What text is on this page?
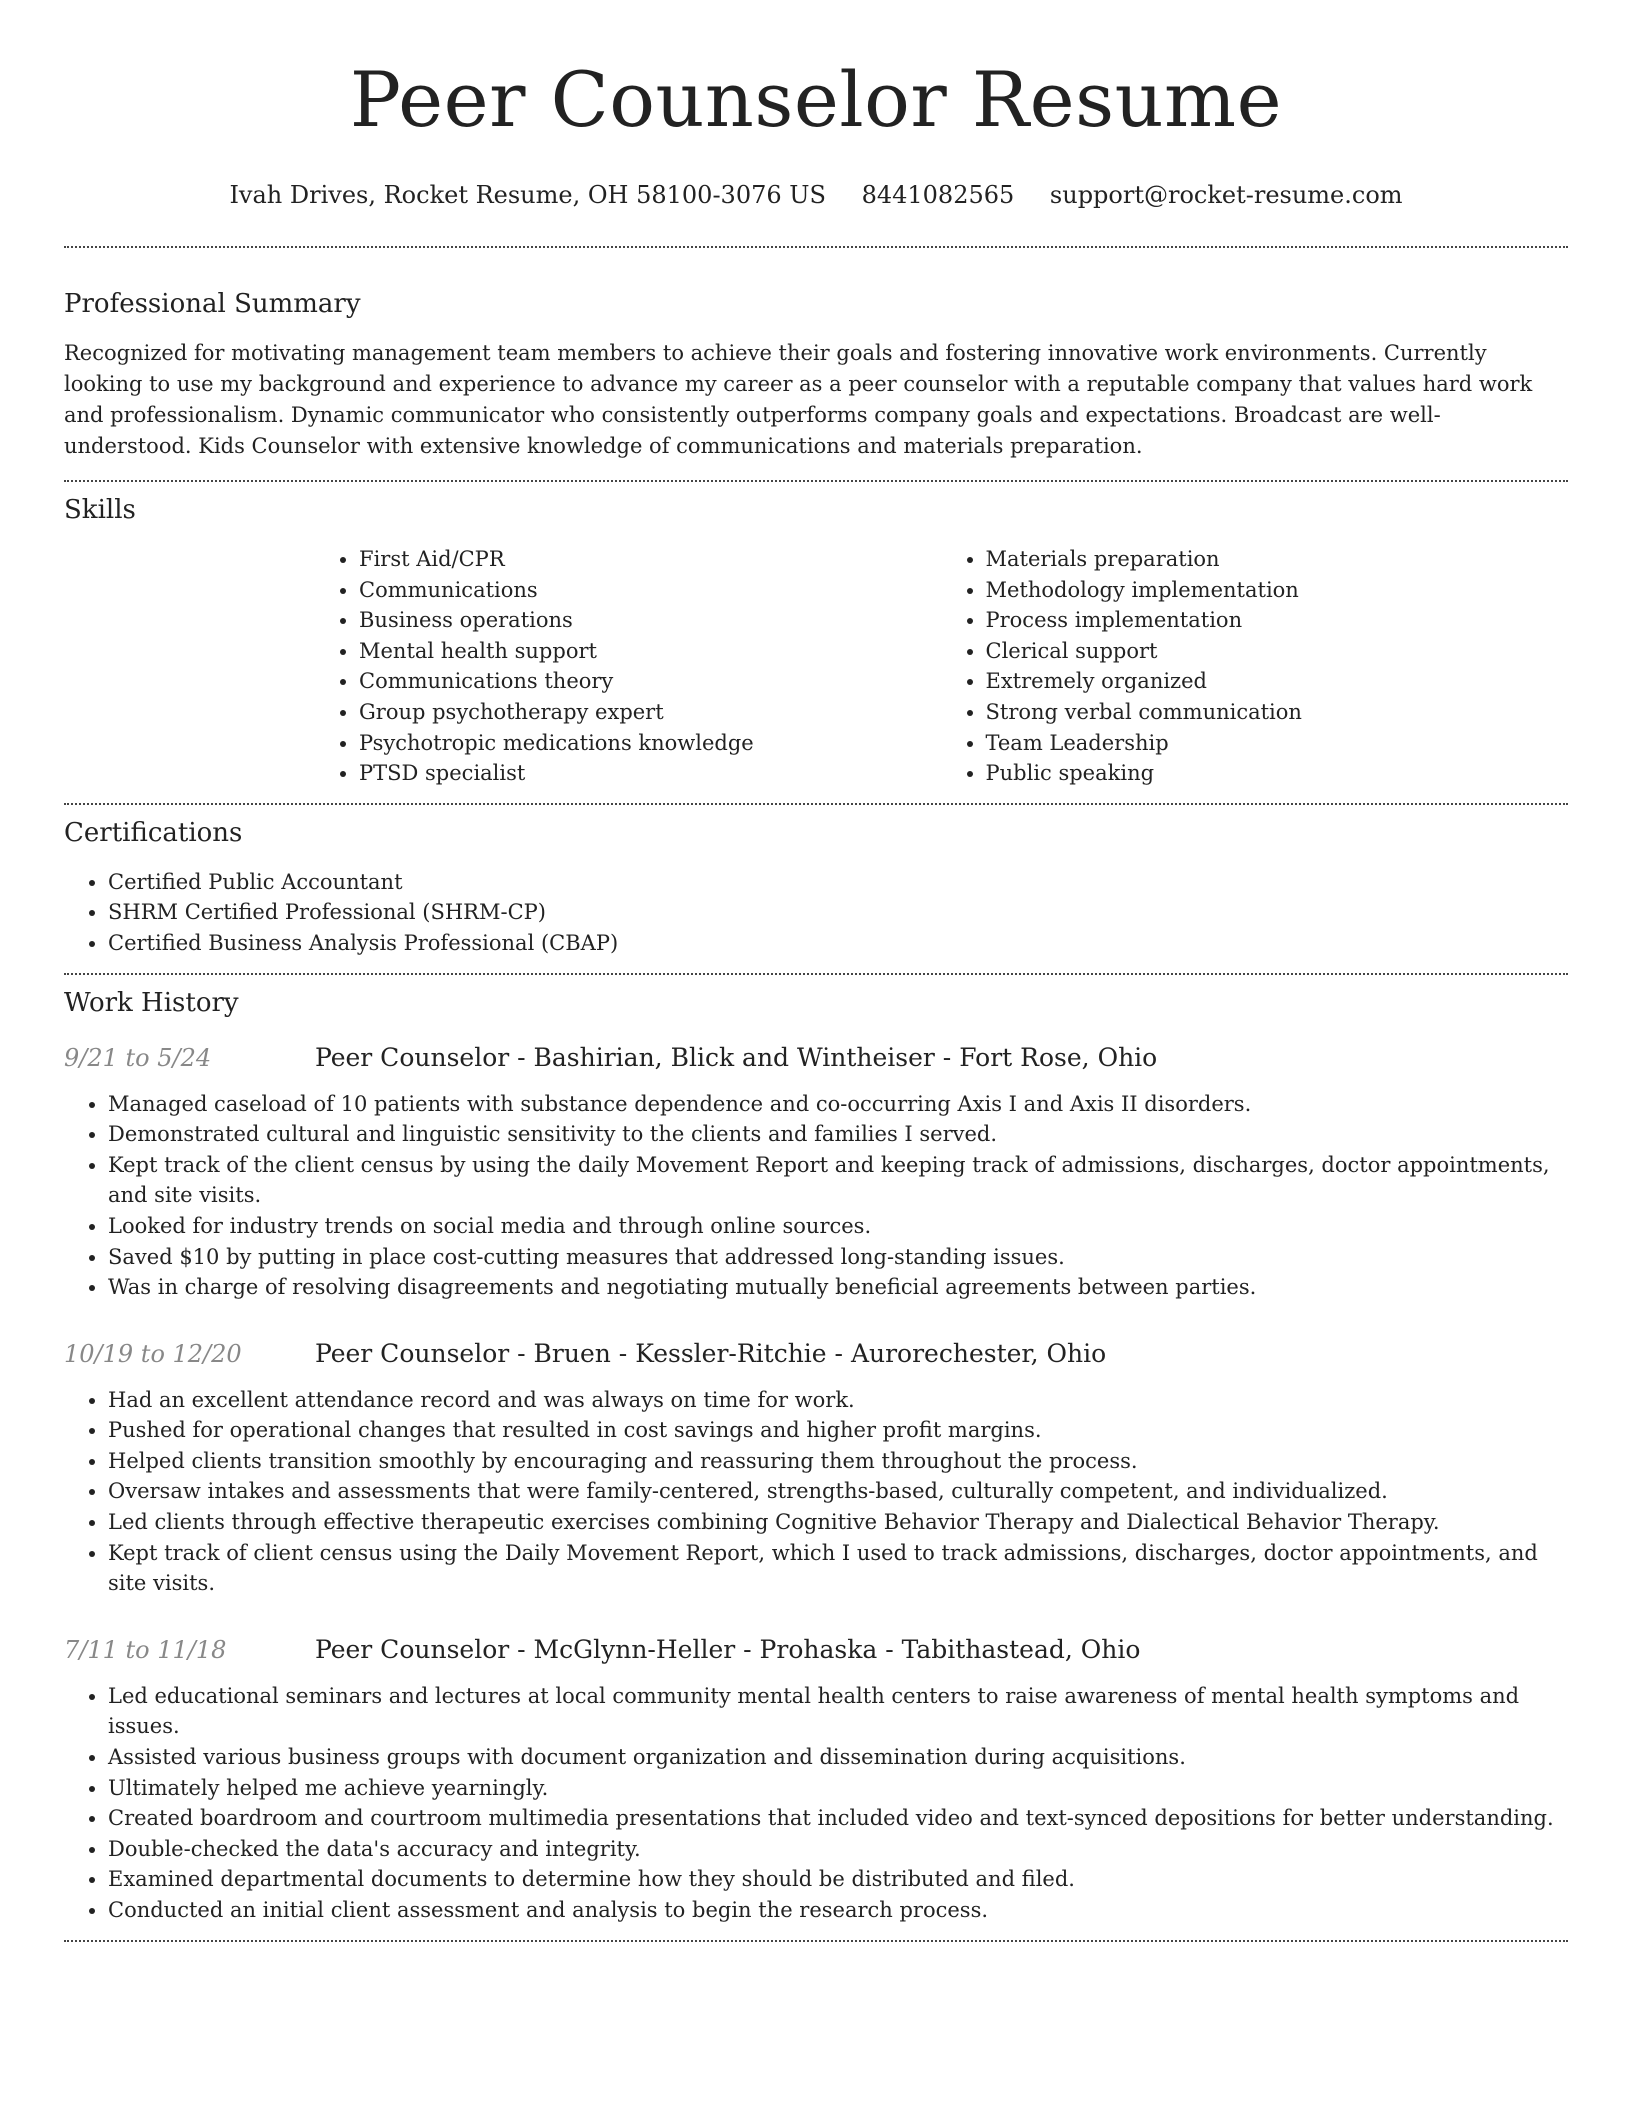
Peer Counselor Resume
Ivah Drives, Rocket Resume, OH 58100-3076 US 8441082565 support@rocket-resume.com
Professional Summary

Recognized for motivating management team members to achieve their goals and fostering innovative work environments. Currently looking to use my background and experience to advance my career as a peer counselor with a reputable company that values hard work and professionalism. Dynamic communicator who consistently outperforms company goals and expectations. Broadcast are well-understood. Kids Counselor with extensive knowledge of communications and materials preparation.

Skills
• First Aid/CPR
• Communications
• Business operations
• Mental health support
• Communications theory
• Group psychotherapy expert
• Psychotropic medications knowledge
• PTSD specialist
• Materials preparation
• Methodology implementation
• Process implementation
• Clerical support
• Extremely organized
• Strong verbal communication
• Team Leadership
• Public speaking
Certifications
• Certified Public Accountant
• SHRM Certified Professional (SHRM-CP)
• Certified Business Analysis Professional (CBAP)
Work History
9/21 to 5/24	Peer Counselor - Bashirian, Blick and Wintheiser - Fort Rose, Ohio
• Managed caseload of 10 patients with substance dependence and co-occurring Axis I and Axis II disorders.
• Demonstrated cultural and linguistic sensitivity to the clients and families I served.
• Kept track of the client census by using the daily Movement Report and keeping track of admissions, discharges, doctor appointments, and site visits.
• Looked for industry trends on social media and through online sources.
• Saved $10 by putting in place cost-cutting measures that addressed long-standing issues.
• Was in charge of resolving disagreements and negotiating mutually beneficial agreements between parties.
10/19 to 12/20	Peer Counselor - Bruen - Kessler-Ritchie - Aurorechester, Ohio
• Had an excellent attendance record and was always on time for work.
• Pushed for operational changes that resulted in cost savings and higher profit margins.
• Helped clients transition smoothly by encouraging and reassuring them throughout the process.
• Oversaw intakes and assessments that were family-centered, strengths-based, culturally competent, and individualized.
• Led clients through effective therapeutic exercises combining Cognitive Behavior Therapy and Dialectical Behavior Therapy.
• Kept track of client census using the Daily Movement Report, which I used to track admissions, discharges, doctor appointments, and site visits.
7/11 to 11/18	Peer Counselor - McGlynn-Heller - Prohaska - Tabithastead, Ohio
• Led educational seminars and lectures at local community mental health centers to raise awareness of mental health symptoms and issues.
• Assisted various business groups with document organization and dissemination during acquisitions.
• Ultimately helped me achieve yearningly.
• Created boardroom and courtroom multimedia presentations that included video and text-synced depositions for better understanding.
• Double-checked the data's accuracy and integrity.
• Examined departmental documents to determine how they should be distributed and filed.
• Conducted an initial client assessment and analysis to begin the research process.
